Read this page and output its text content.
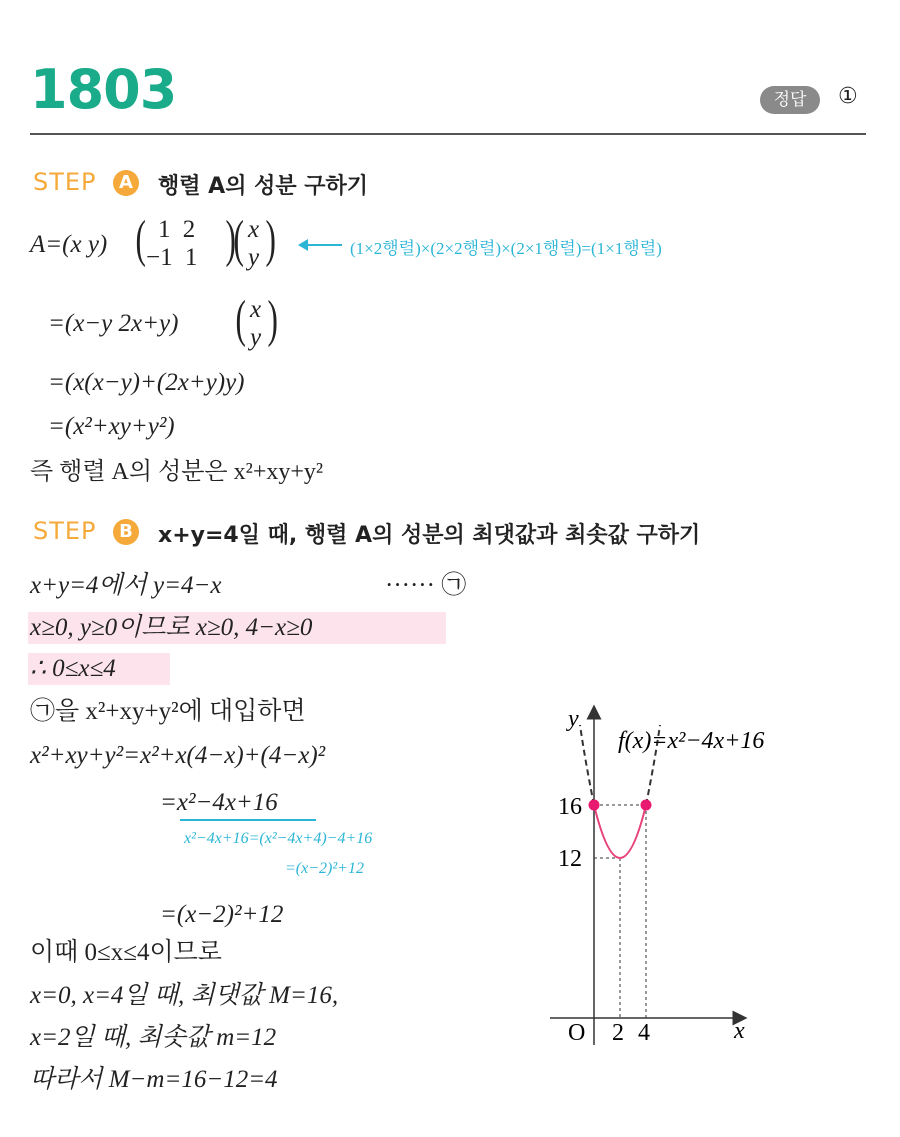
1803	정답	①
STEP	A 행렬 A의 성분 구하기
A=(x y) ( 1 2
−1 1 )
( x
y )	(1×2행렬)×(2×2행렬)×(2×1행렬)=(1×1행렬)
=(x−y 2x+y) ( x
y )
=(x(x−y)+(2x+y)y)
=(x²+xy+y²)
즉 행렬 A의 성분은 x²+xy+y²
STEP	B x+y=4일 때, 행렬 A의 성분의 최댓값과 최솟값 구하기
x+y=4에서 y=4−x	······ ㉠
x≥0, y≥0이므로 x≥0, 4−x≥0
∴ 0≤x≤4
㉠을 x²+xy+y²에 대입하면
x²+xy+y²=x²+x(4−x)+(4−x)²
=x²−4x+16
x²−4x+16=(x²−4x+4)−4+16
=(x−2)²+12
=(x−2)²+12
이때 0≤x≤4이므로
x=0, x=4일 때, 최댓값 M=16,
x=2일 때, 최솟값 m=12
따라서 M−m=16−12=4
y
x
O 2 4
16
12
f(x)=x²−4x+16
